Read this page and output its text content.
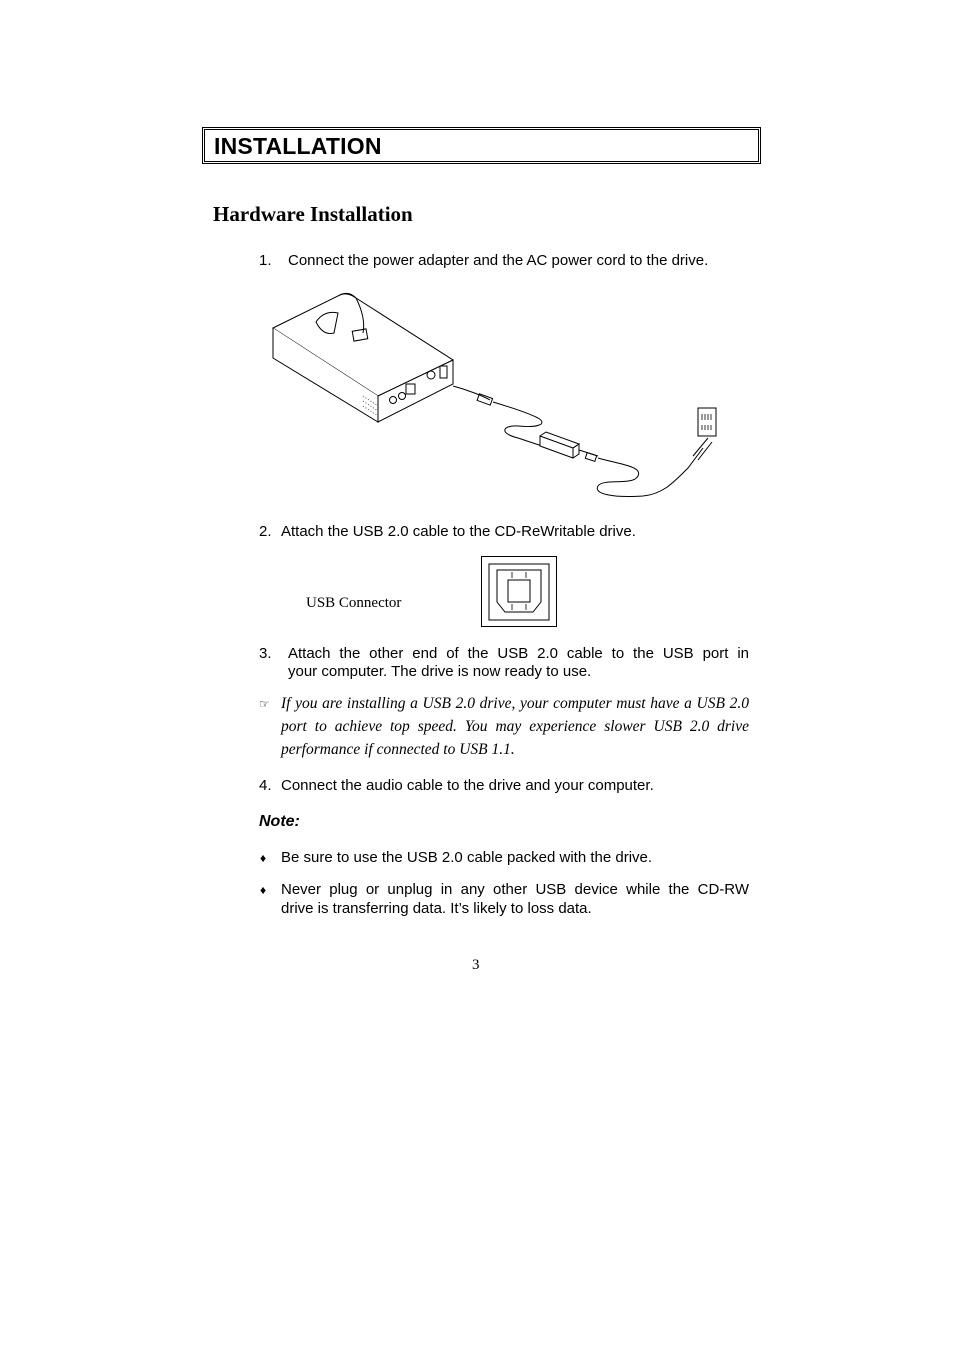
INSTALLATION
Hardware Installation
1. Connect the power adapter and the AC power cord to the drive.
2. Attach the USB 2.0 cable to the CD-ReWritable drive.
USB Connector
3. Attach the other end of the USB 2.0 cable to the USB port in
your computer. The drive is now ready to use.
☞ If you are installing a USB 2.0 drive, your computer must have a USB 2.0 port to achieve top speed. You may experience slower USB 2.0 drive performance if connected to USB 1.1.
4. Connect the audio cable to the drive and your computer.
Note:
♦ Be sure to use the USB 2.0 cable packed with the drive.
♦ Never plug or unplug in any other USB device while the CD-RW
drive is transferring data. It’s likely to loss data.
3
